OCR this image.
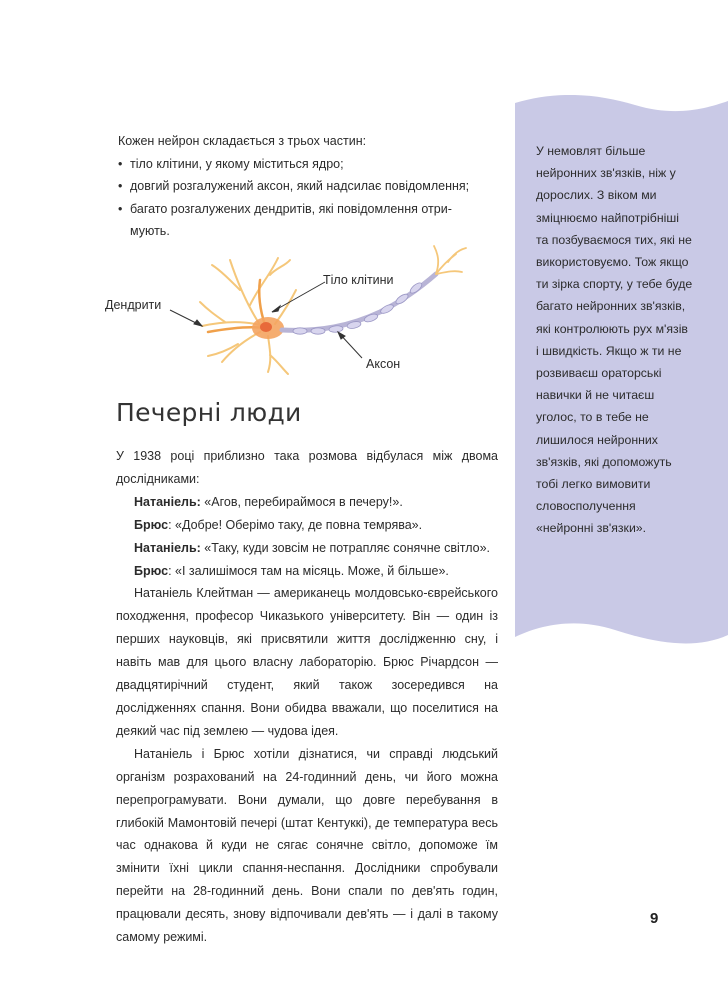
Кожен нейрон складається з трьох частин:

• тіло клітини, у якому міститься ядро;
• довгий розгалужений аксон, який надсилає повідомлення;
• багато розгалужених дендритів, які повідомлення отри-
мують.
Тіло клітини
Дендрити
Аксон
Печерні люди

У 1938 році приблизно така розмова відбулася між двома дослідниками:

Натаніель: «Агов, перебираймося в печеру!».

Брюс: «Добре! Оберімо таку, де повна темрява».

Натаніель: «Таку, куди зовсім не потрапляє сонячне світло».

Брюс: «І залишімося там на місяць. Може, й більше».

Натаніель Клейтман — американець молдовсько-єврейського походження, професор Чиказького університету. Він — один із перших науковців, які присвятили життя дослідженню сну, і навіть мав для цього власну лабораторію. Брюс Річардсон — двадцятирічний студент, який також зосередився на дослідженнях спання. Вони обидва вважали, що поселитися на деякий час під землею — чудова ідея.

Натаніель і Брюс хотіли дізнатися, чи справді людський організм розрахований на 24-годинний день, чи його можна перепрограмувати. Вони думали, що довге перебування в глибокій Мамонтовій печері (штат Кентуккі), де температура весь час однакова й куди не сягає сонячне світло, допоможе їм змінити їхні цикли спання-неспання. Дослідники спробували перейти на 28-годинний день. Вони спали по дев'ять годин, працювали десять, знову відпочивали дев'ять — і далі в такому самому режимі.

У немовлят більше нейронних зв'язків, ніж у дорослих. З віком ми зміцнюємо найпотрібніші та позбуваємося тих, які не використовуємо. Тож якщо ти зірка спорту, у тебе буде багато нейронних зв'язків, які контролюють рух м'язів і швидкість. Якщо ж ти не розвиваєш ораторські навички й не читаєш уголос, то в тебе не лишилося нейронних зв'язків, які допоможуть тобі легко вимовити словосполучення «нейронні зв'язки».

9
